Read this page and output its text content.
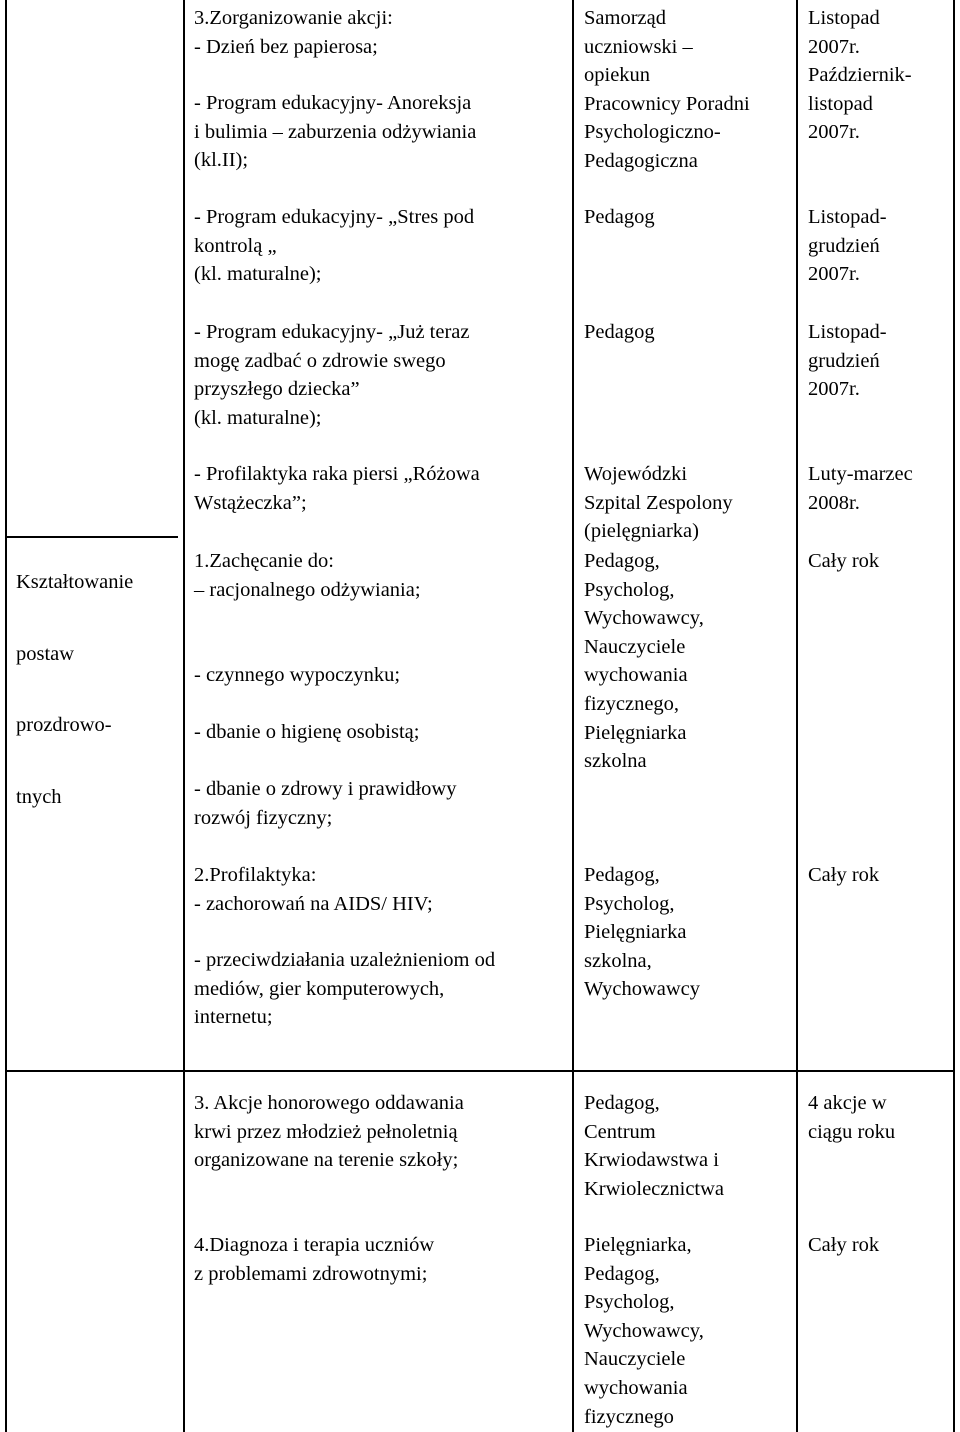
3.Zorganizowanie akcji:
- Dzień bez papierosa;
- Program edukacyjny- Anoreksja
i bulimia – zaburzenia odżywiania
(kl.II);
- Program edukacyjny- „Stres pod
kontrolą „
(kl. maturalne);
- Program edukacyjny- „Już teraz
mogę zadbać o zdrowie swego
przyszłego dziecka”
(kl. maturalne);
- Profilaktyka raka piersi „Różowa
Wstążeczka”;
Samorząd
uczniowski –
opiekun
Pracownicy Poradni
Psychologiczno-
Pedagogiczna
Pedagog
Pedagog
Wojewódzki
Szpital Zespolony
(pielęgniarka)
Listopad
2007r.
Październik-
listopad
2007r.
Listopad-
grudzień
2007r.
Listopad-
grudzień
2007r.
Luty-marzec
2008r.
Kształtowanie
postaw
prozdrowo-
tnych
1.Zachęcanie do:
– racjonalnego odżywiania;
- czynnego wypoczynku;
- dbanie o higienę osobistą;
- dbanie o zdrowy i prawidłowy
rozwój fizyczny;
2.Profilaktyka:
- zachorowań na AIDS/ HIV;
- przeciwdziałania uzależnieniom od
mediów, gier komputerowych,
internetu;
Pedagog,
Psycholog,
Wychowawcy,
Nauczyciele
wychowania
fizycznego,
Pielęgniarka
szkolna
Pedagog,
Psycholog,
Pielęgniarka
szkolna,
Wychowawcy
Cały rok
Cały rok
3. Akcje honorowego oddawania
krwi przez młodzież pełnoletnią
organizowane na terenie szkoły;
4.Diagnoza i terapia uczniów
z problemami zdrowotnymi;
Pedagog,
Centrum
Krwiodawstwa i
Krwiolecznictwa
Pielęgniarka,
Pedagog,
Psycholog,
Wychowawcy,
Nauczyciele
wychowania
fizycznego
4 akcje w
ciągu roku
Cały rok
